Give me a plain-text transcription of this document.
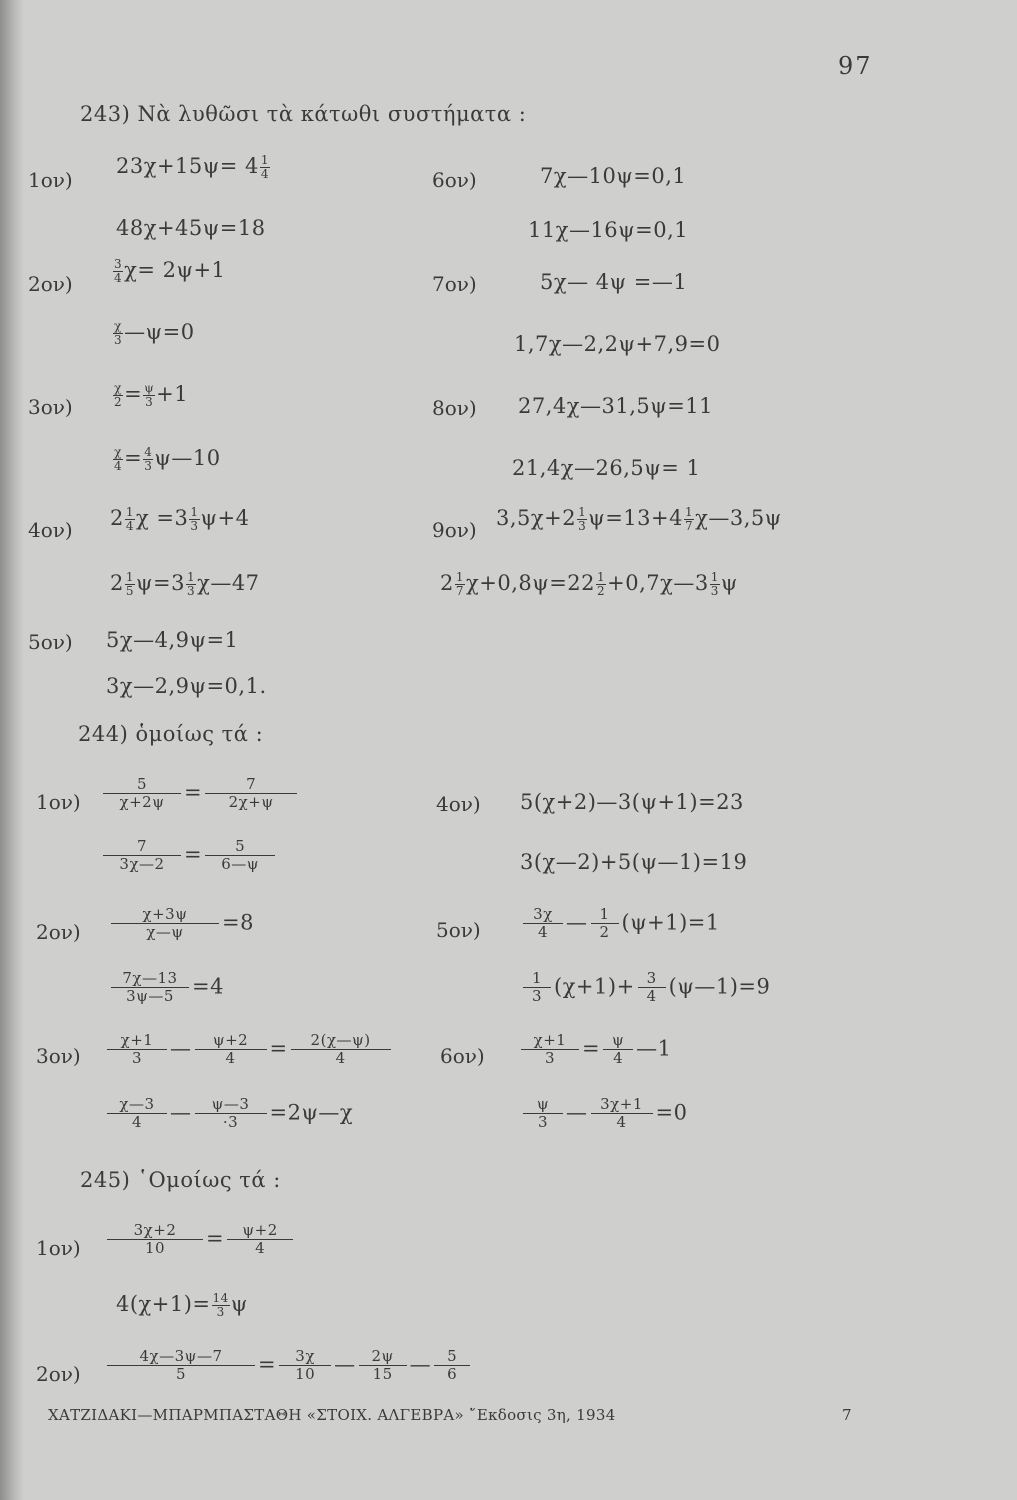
97
243) Νὰ λυθῶσι τὰ κάτωθι συστήματα :
1ον)
$23\chi+15\psi= 4 \frac{1}{4}$
48χ+45ψ=18
2ον)	$\frac{3}{4} \chi= 2\psi+1$
$\frac{\chi}{3}$ —ψ=0
3ον)	$\frac{\chi}{2} = \frac{\psi}{3} +1$
$\frac{\chi}{4} = \frac{4}{3}$ ψ—10
4ον) $2 \frac{1}{4}$ $\chi =3 \frac{1}{3} \psi+4$
$2 \frac{1}{5} \psi=3 \frac{1}{3}$ χ—47
5ον) 5χ—4,9ψ=1
3χ—2,9ψ=0,1.
6ον)	7χ—10ψ=0,1
11χ—16ψ=0,1
7ον)	5χ— 4ψ =—1
1,7χ—2,2ψ+7,9=0
8ον) 27,4χ—31,5ψ=11
21,4χ—26,5ψ= 1
9ον) $3,5\chi+2 \frac{1}{3} \psi=13+4 \frac{1}{7}$ χ—3,5ψ
$2 \frac{1}{7} \chi+0,8\psi=22 \frac{1}{2}$ +0,7χ—3 $\frac{1}{3}$ ψ
244) ὁμοίως τά :
$1o\nu) \frac{5}{\chi+2\psi} = \frac{7}{2\chi+\psi}$
$\frac{7}{3\chi—2} = \frac{5}{6—\psi}$
$2o\nu) \frac{\chi+3\psi}{\chi—\psi} =8$
$\frac{7\chi—13}{3\psi—5} =4$
$3o\nu) \frac{\chi+1}{3}$ — $\frac{\psi+2}{4} = \frac{2(\chi—\psi)}{4}$
$\frac{\chi—3}{4}$ — $\frac{\psi—3}{\cdot 3}$ =2ψ—χ
4ον) 5(χ+2)—3(ψ+1)=23
3(χ—2)+5(ψ—1)=19
5ον)	$\frac{3\chi}{4}$ — $\frac{1}{2} (\psi+1)=1$
$\frac{1}{3} (\chi+1)+ \frac{3}{4}$ (ψ—1)=9
$6o\nu) \frac{\chi+1}{3} = \frac{\psi}{4}$ —1
$\frac{\psi}{3}$ — $\frac{3\chi+1}{4} =0$
245) ῾Ομοίως τά :
$1o\nu) \frac{3\chi+2}{10} = \frac{\psi+2}{4}$
$4(\chi+1)= \frac{14}{3}$ ψ
$2o\nu) \frac{4\chi—3\psi—7}{5} = \frac{3\chi}{10}$ — $\frac{2\psi}{15}$ — $\frac{5}{6}$
ΧΑΤΖΙΔΑΚΙ—ΜΠΑΡΜΠΑΣΤΑΘΗ «ΣΤΟΙΧ. ΑΛΓΕΒΡΑ» ῎Εκδοσις 3η, 1934	7
